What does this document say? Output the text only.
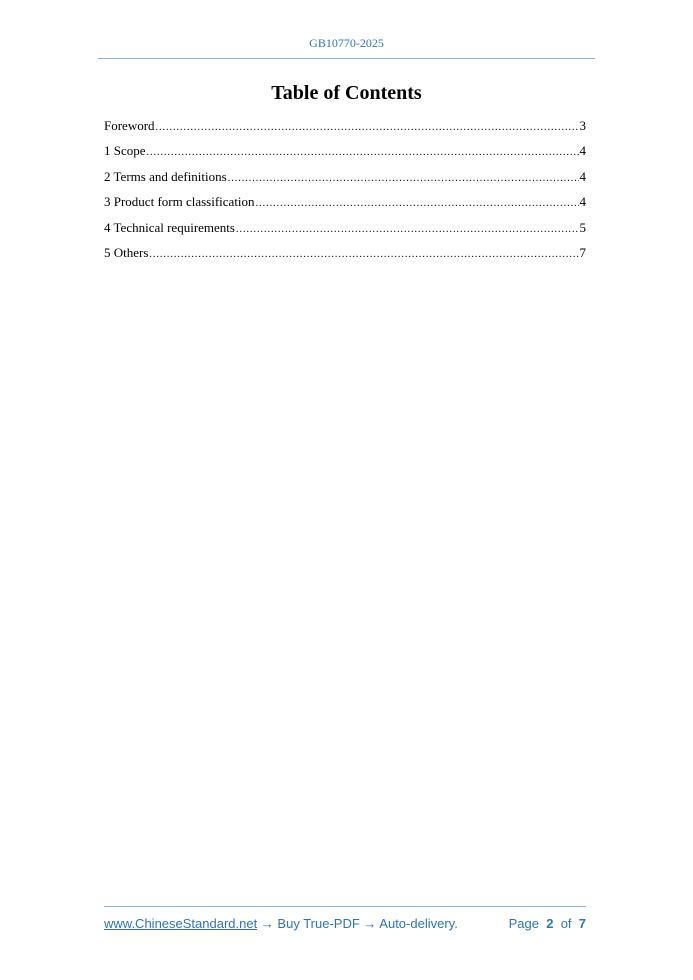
GB10770-2025
Table of Contents
Foreword .....	3
1 Scope .....	4
2 Terms and definitions .....	4
3 Product form classification .....	4
4 Technical requirements .....	5
5 Others .....	7
www.ChineseStandard.net → Buy True-PDF → Auto-delivery.	Page 2 of 7
